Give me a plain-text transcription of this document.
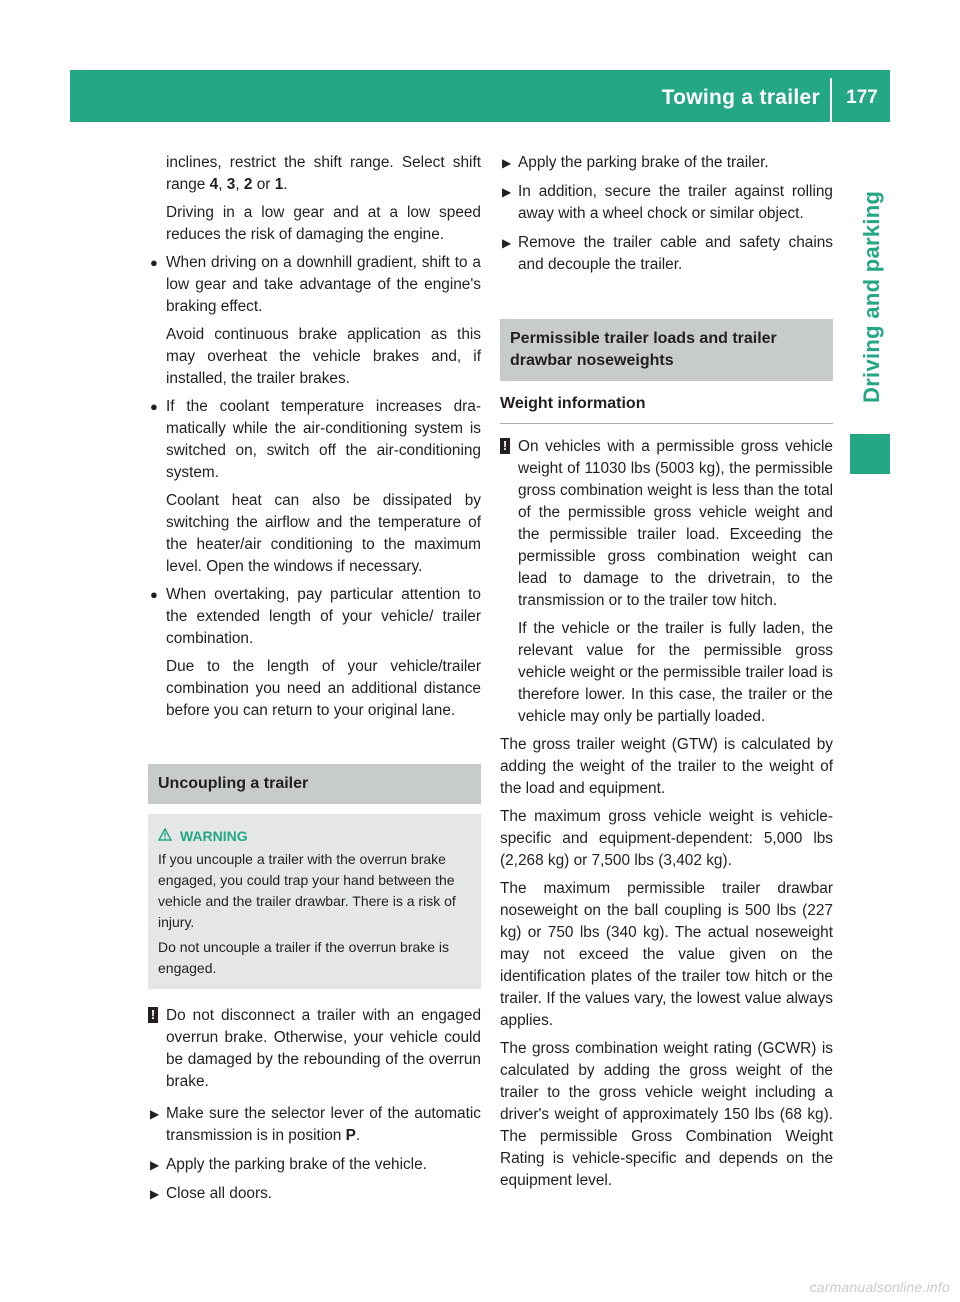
Towing a trailer	177
Driving and parking

inclines, restrict the shift range. Select shift range 4, 3, 2 or 1.

Driving in a low gear and at a low speed reduces the risk of damaging the engine.

● When driving on a downhill gradient, shift to a low gear and take advantage of the engine's braking effect.

Avoid continuous brake application as this may overheat the vehicle brakes and, if installed, the trailer brakes.

● If the coolant temperature increases dramatically while the air-conditioning system is switched on, switch off the air-conditioning system.

Coolant heat can also be dissipated by switching the airflow and the temperature of the heater/air conditioning to the maximum level. Open the windows if necessary.

● When overtaking, pay particular attention to the extended length of your vehicle/ trailer combination.

Due to the length of your vehicle/trailer combination you need an additional distance before you can return to your original lane.

Uncoupling a trailer
WARNING
If you uncouple a trailer with the overrun brake engaged, you could trap your hand between the vehicle and the trailer drawbar. There is a risk of injury.
Do not uncouple a trailer if the overrun brake is engaged.
! Do not disconnect a trailer with an engaged overrun brake. Otherwise, your vehicle could be damaged by the rebounding of the overrun brake.
▶ Make sure the selector lever of the automatic transmission is in position P.
▶ Apply the parking brake of the vehicle.
▶ Close all doors.
▶ Apply the parking brake of the trailer.
▶ In addition, secure the trailer against rolling away with a wheel chock or similar object.
▶ Remove the trailer cable and safety chains and decouple the trailer.
Permissible trailer loads and trailer drawbar noseweights
Weight information
! On vehicles with a permissible gross vehicle weight of 11030 lbs (5003 kg), the permissible gross combination weight is less than the total of the permissible gross vehicle weight and the permissible trailer load. Exceeding the permissible gross combination weight can lead to damage to the drivetrain, to the transmission or to the trailer tow hitch.

If the vehicle or the trailer is fully laden, the relevant value for the permissible gross vehicle weight or the permissible trailer load is therefore lower. In this case, the trailer or the vehicle may only be partially loaded.

The gross trailer weight (GTW) is calculated by adding the weight of the trailer to the weight of the load and equipment.

The maximum gross vehicle weight is vehicle-specific and equipment-dependent: 5,000 lbs (2,268 kg) or 7,500 lbs (3,402 kg).

The maximum permissible trailer drawbar noseweight on the ball coupling is 500 lbs (227 kg) or 750 lbs (340 kg). The actual noseweight may not exceed the value given on the identification plates of the trailer tow hitch or the trailer. If the values vary, the lowest value always applies.

The gross combination weight rating (GCWR) is calculated by adding the gross weight of the trailer to the gross vehicle weight including a driver's weight of approximately 150 lbs (68 kg). The permissible Gross Combination Weight Rating is vehicle-specific and depends on the equipment level.

carmanualsonline.info
